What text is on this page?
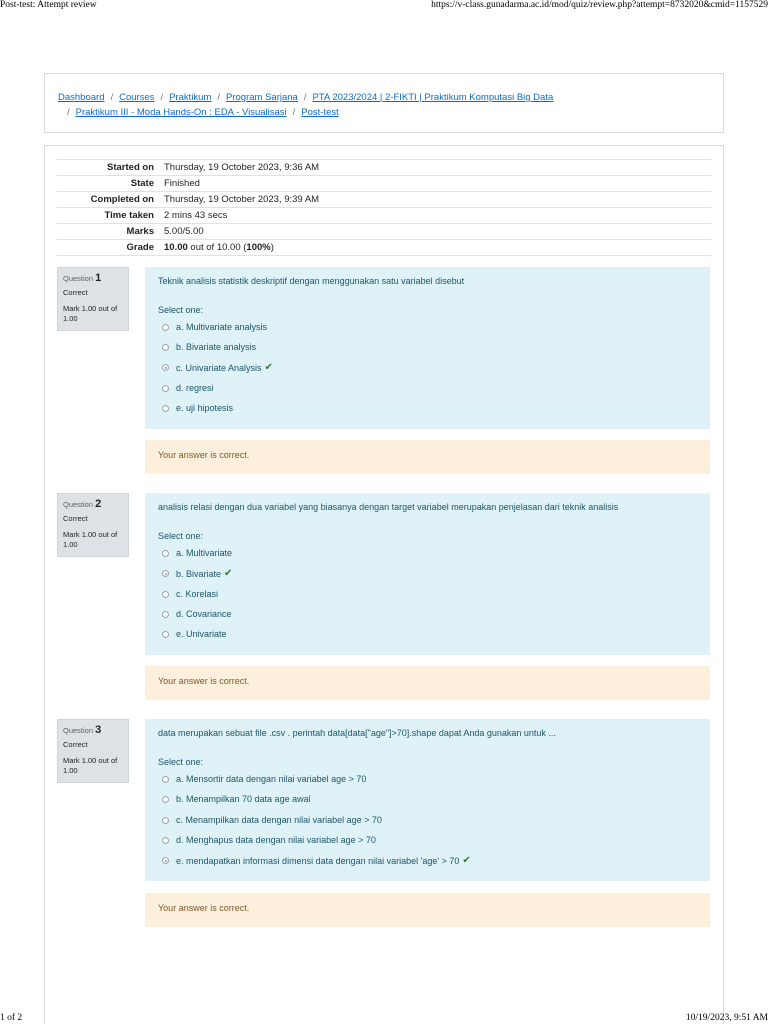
Post-test: Attempt review	https://v-class.gunadarma.ac.id/mod/quiz/review.php?attempt=8732020&cmid=1157529
Dashboard / Courses / Praktikum / Program Sarjana / PTA 2023/2024 | 2-FIKTI | Praktikum Komputasi Big Data
/ Praktikum III - Moda Hands-On : EDA - Visualisasi / Post-test
Started on	Thursday, 19 October 2023, 9:36 AM
State	Finished
Completed on	Thursday, 19 October 2023, 9:39 AM
Time taken	2 mins 43 secs
Marks	5.00/5.00
Grade	10.00 out of 10.00 (100%)
Question 1
Correct
Mark 1.00 out of 1.00
Teknik analisis statistik deskriptif dengan menggunakan satu variabel disebut
Select one:
a. Multivariate analysis
b. Bivariate analysis
c. Univariate Analysis ✔
d. regresi
e. uji hipotesis
Your answer is correct.
Question 2
Correct
Mark 1.00 out of 1.00
analisis relasi dengan dua variabel yang biasanya dengan target variabel merupakan penjelasan dari teknik analisis
Select one:
a. Multivariate
b. Bivariate ✔
c. Korelasi
d. Covariance
e. Univariate
Your answer is correct.
Question 3
Correct
Mark 1.00 out of 1.00
data merupakan sebuat file .csv . perintah data[data["age"]>70].shape dapat Anda gunakan untuk ...
Select one:
a. Mensortir data dengan nilai variabel age > 70
b. Menampilkan 70 data age awal
c. Menampilkan data dengan nilai variabel age > 70
d. Menghapus data dengan nilai variabel age > 70
e. mendapatkan informasi dimensi data dengan nilai variabel 'age' > 70 ✔
Your answer is correct.
1 of 2	10/19/2023, 9:51 AM
